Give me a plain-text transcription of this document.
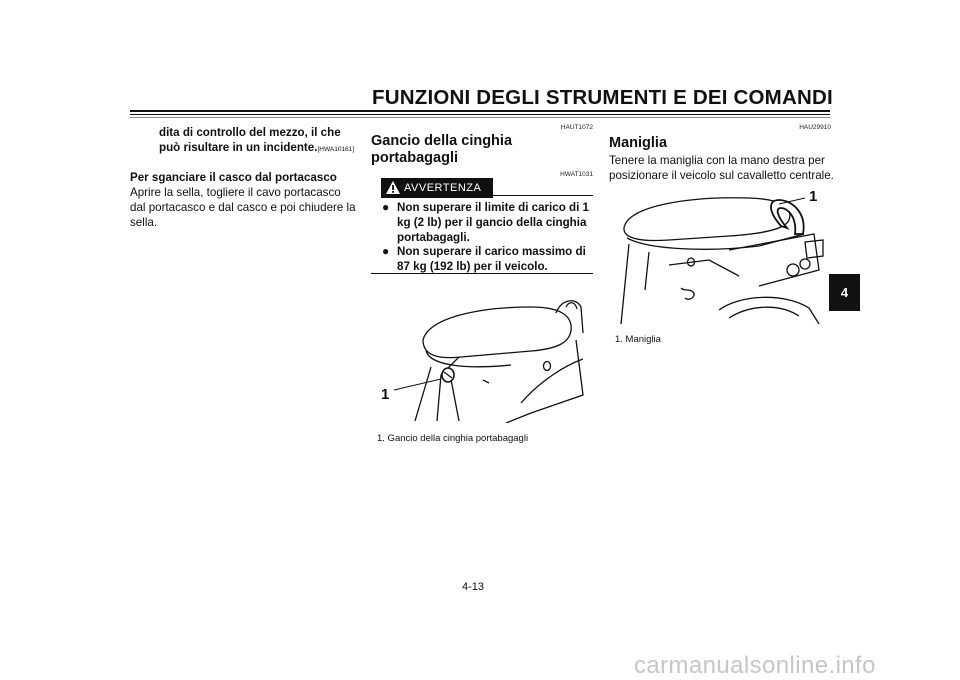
FUNZIONI DEGLI STRUMENTI E DEI COMANDI
4
dita di controllo del mezzo, il che
può risultare in un incidente.[HWA10161]
Per sganciare il casco dal portacasco
Aprire la sella, togliere il cavo portacasco
dal portacasco e dal casco e poi chiudere la
sella.
HAUT1072
Gancio della cinghia
portabagagli
HWAT1031
AVVERTENZA
● Non superare il limite di carico di 1
kg (2 lb) per il gancio della cinghia
portabagagli.
● Non superare il carico massimo di
87 kg (192 lb) per il veicolo.
1
1. Gancio della cinghia portabagagli
HAU29910
Maniglia
Tenere la maniglia con la mano destra per
posizionare il veicolo sul cavalletto centrale.
1
1. Maniglia
4-13
carmanualsonline.info
